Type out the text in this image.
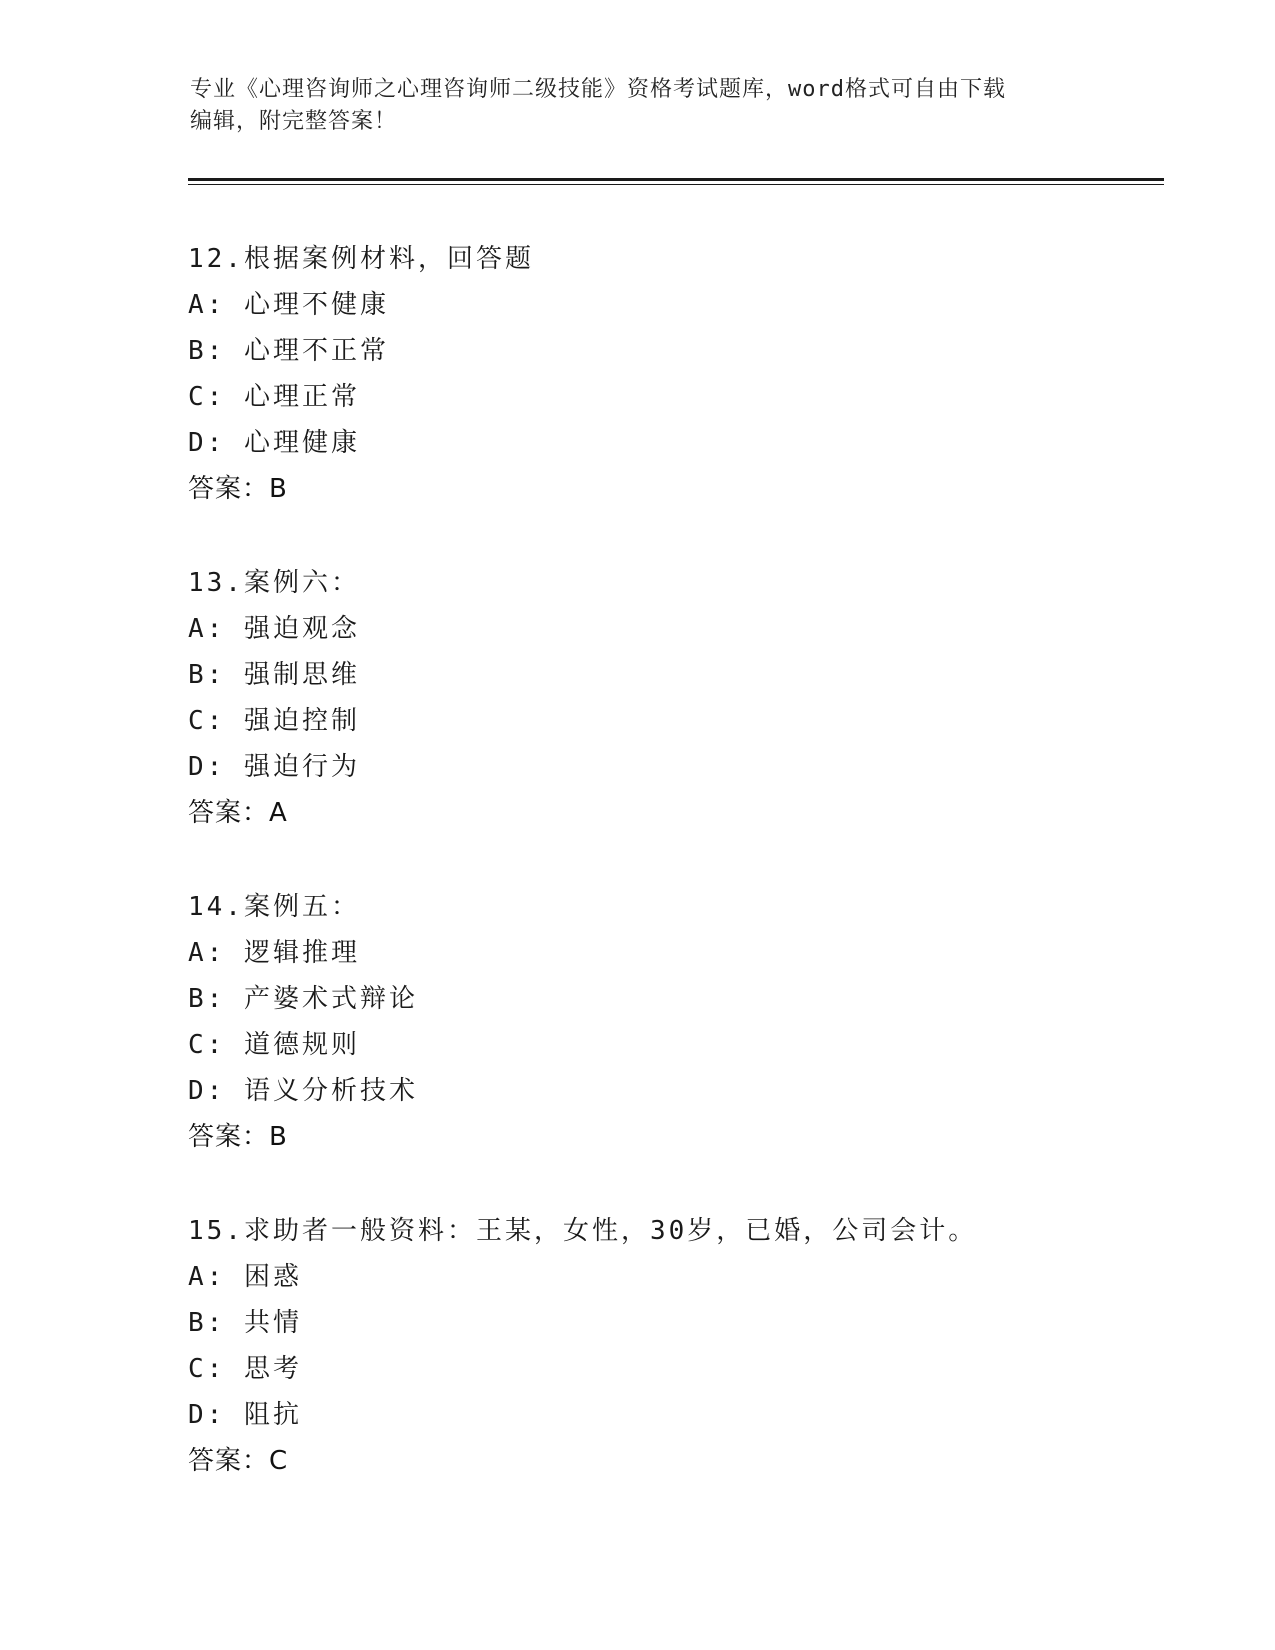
专业《心理咨询师之心理咨询师二级技能》资格考试题库，word格式可自由下载
编辑，附完整答案！
12.根据案例材料，回答题
A: 心理不健康
B: 心理不正常
C: 心理正常
D: 心理健康
答案：B
13.案例六：
A: 强迫观念
B: 强制思维
C: 强迫控制
D: 强迫行为
答案：A
14.案例五：
A: 逻辑推理
B: 产婆术式辩论
C: 道德规则
D: 语义分析技术
答案：B
15.求助者一般资料：王某，女性，30岁，已婚，公司会计。
A: 困惑
B: 共情
C: 思考
D: 阻抗
答案：C
